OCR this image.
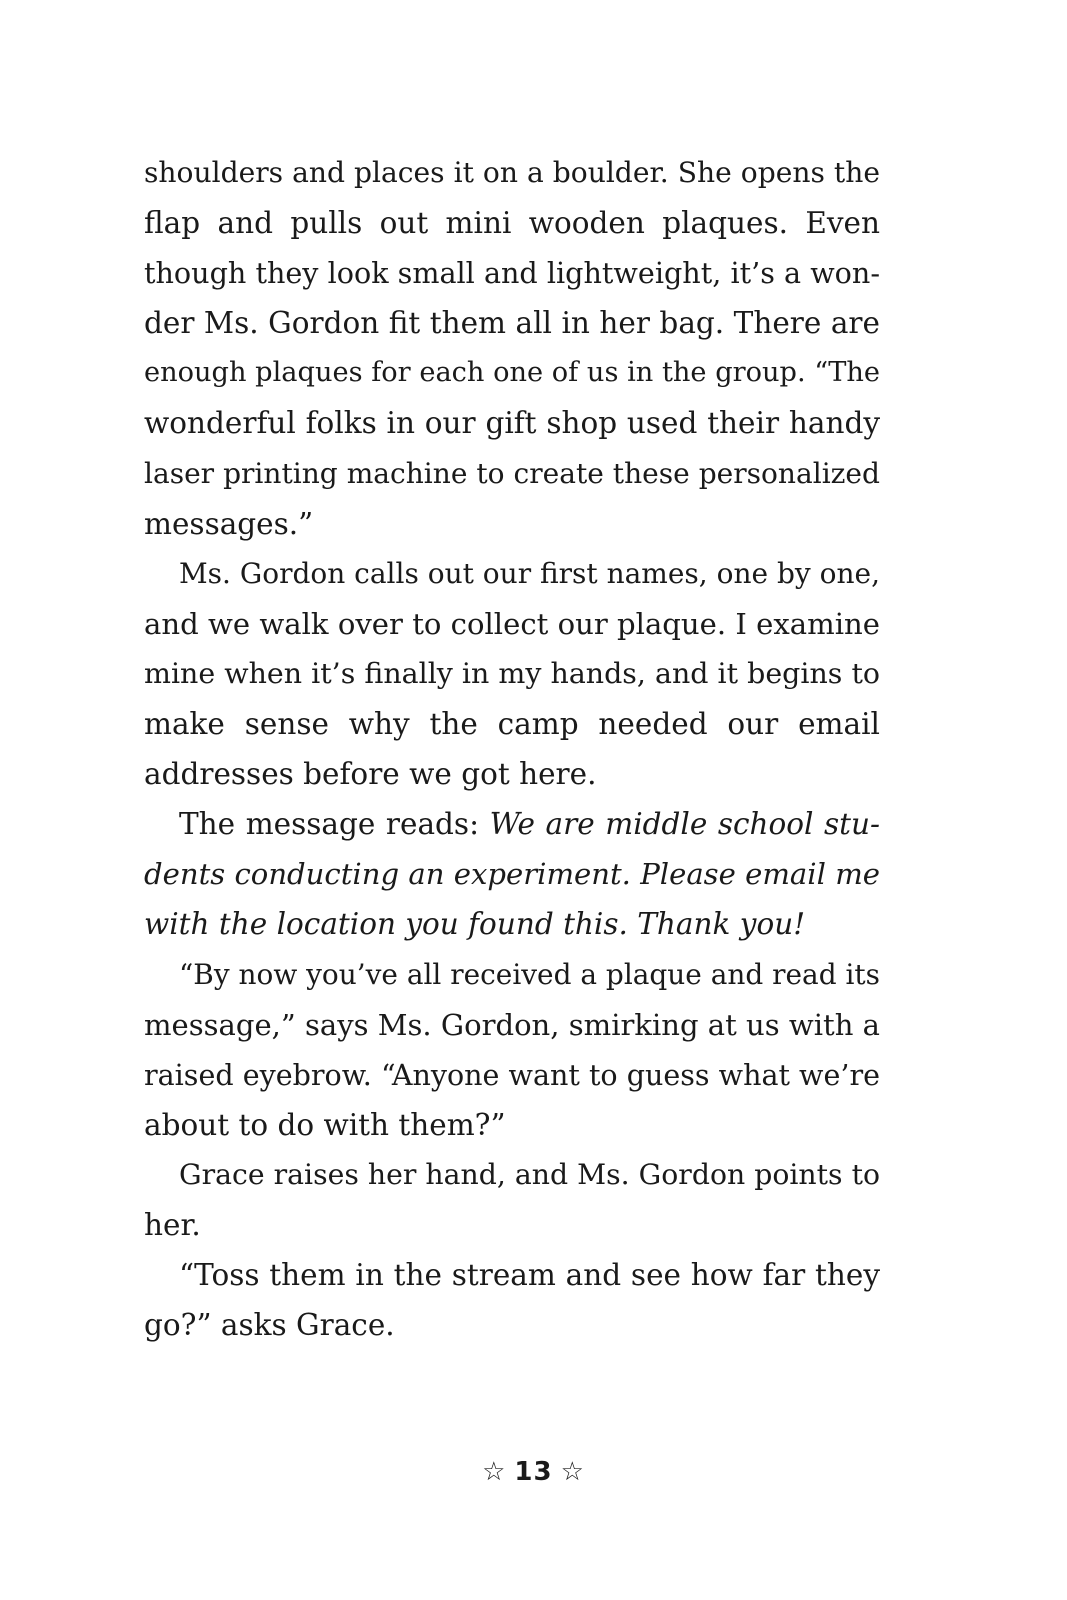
shoulders and places it on a boulder. She opens the
flap and pulls out mini wooden plaques. Even
though they look small and lightweight, it’s a won-
der Ms. Gordon fit them all in her bag. There are
enough plaques for each one of us in the group. “The
wonderful folks in our gift shop used their handy
laser printing machine to create these personalized
messages.”
Ms. Gordon calls out our first names, one by one,
and we walk over to collect our plaque. I examine
mine when it’s finally in my hands, and it begins to
make sense why the camp needed our email
addresses before we got here.
The message reads: We are middle school stu-
dents conducting an experiment. Please email me
with the location you found this. Thank you!
“By now you’ve all received a plaque and read its
message,” says Ms. Gordon, smirking at us with a
raised eyebrow. “Anyone want to guess what we’re
about to do with them?”
Grace raises her hand, and Ms. Gordon points to
her.
“Toss them in the stream and see how far they
go?” asks Grace.
☆ 13 ☆
